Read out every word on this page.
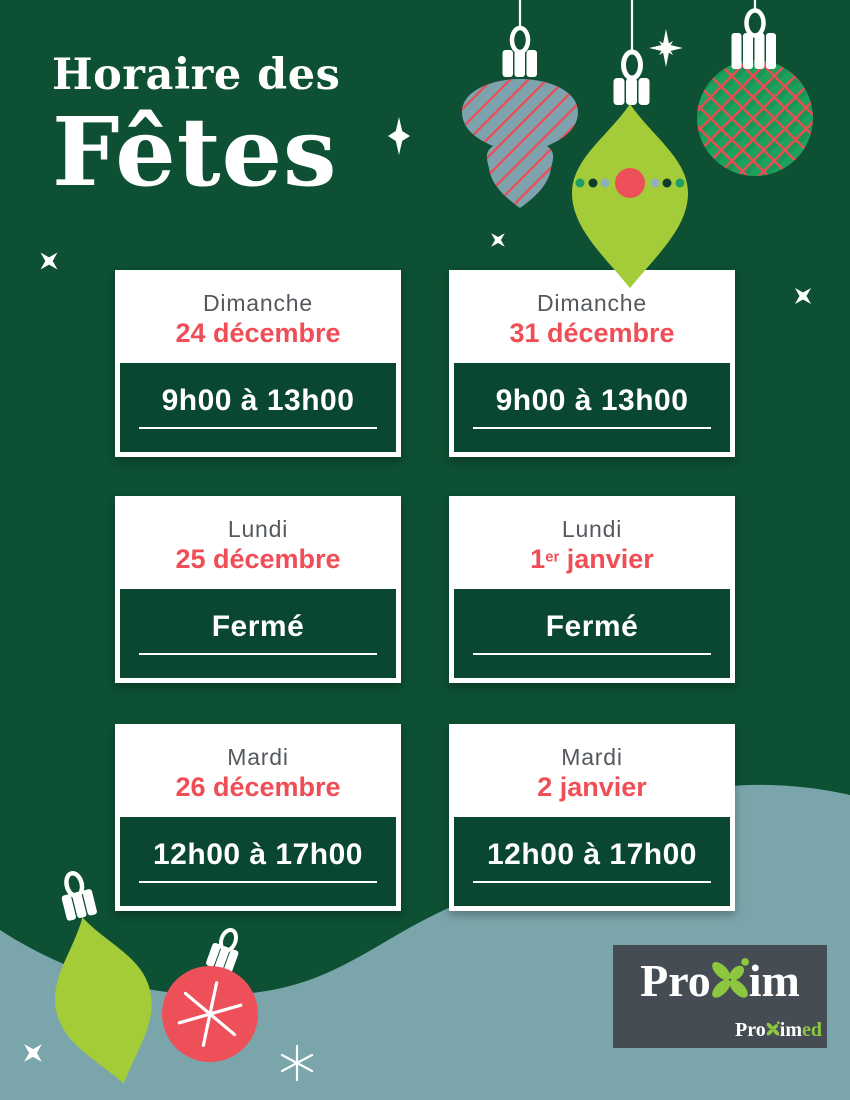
Horaire des
Fêtes
Dimanche
24 décembre
9h00 à 13h00
Dimanche
31 décembre
9h00 à 13h00
Lundi
25 décembre
Fermé
Lundi
1er janvier
Fermé
Mardi
26 décembre
12h00 à 17h00
Mardi
2 janvier
12h00 à 17h00
Pro im
Pro im ed
